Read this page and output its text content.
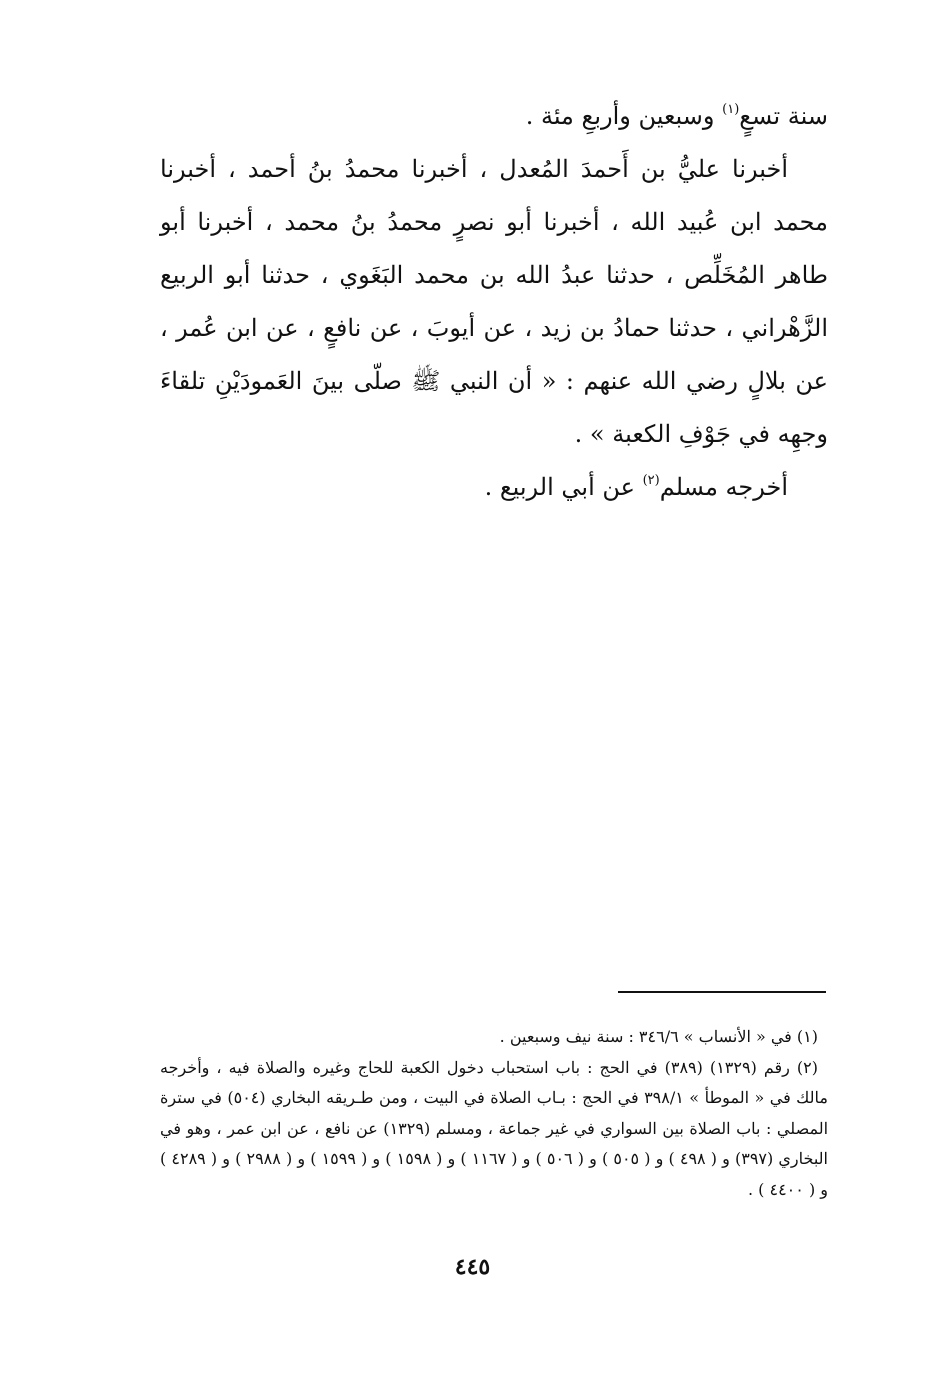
سنة تسعٍ$^{(١)}$ وسبعين وأربعِ مئة .

أخبرنا عليُّ بن أَحمدَ المُعدل ، أخبرنا محمدُ بنُ أحمد ، أخبرنا محمد ابن عُبيد الله ، أخبرنا أبو نصرٍ محمدُ بنُ محمد ، أخبرنا أبو طاهر المُخَلِّص ، حدثنا عبدُ الله بن محمد البَغَوي ، حدثنا أبو الربيع الزَّهْراني ، حدثنا حمادُ بن زيد ، عن أيوبَ ، عن نافعٍ ، عن ابن عُمر ، عن بلالٍ رضي الله عنهم : « أن النبي ﷺ صلّى بينَ العَمودَيْنِ تلقاءَ وجهِه في جَوْفِ الكعبة » .

أخرجه مسلم$^{(٢)}$ عن أبي الربيع .

(١) في « الأنساب » ٣٤٦/٦ : سنة نيف وسبعين .

(٢) رقم (١٣٢٩) (٣٨٩) في الحج : باب استحباب دخول الكعبة للحاج وغيره والصلاة فيه ، وأخرجه مالك في « الموطأ » ٣٩٨/١ في الحج : بـاب الصلاة في البيت ، ومن طـريقه البخاري (٥٠٤) في سترة المصلي : باب الصلاة بين السواري في غير جماعة ، ومسلم (١٣٢٩) عن نافع ، عن ابن عمر ، وهو في البخاري (٣٩٧) و ( ٤٩٨ ) و ( ٥٠٥ ) و ( ٥٠٦ ) و ( ١١٦٧ ) و ( ١٥٩٨ ) و ( ١٥٩٩ ) و ( ٢٩٨٨ ) و ( ٤٢٨٩ ) و ( ٤٤٠٠ ) .

٤٤٥
